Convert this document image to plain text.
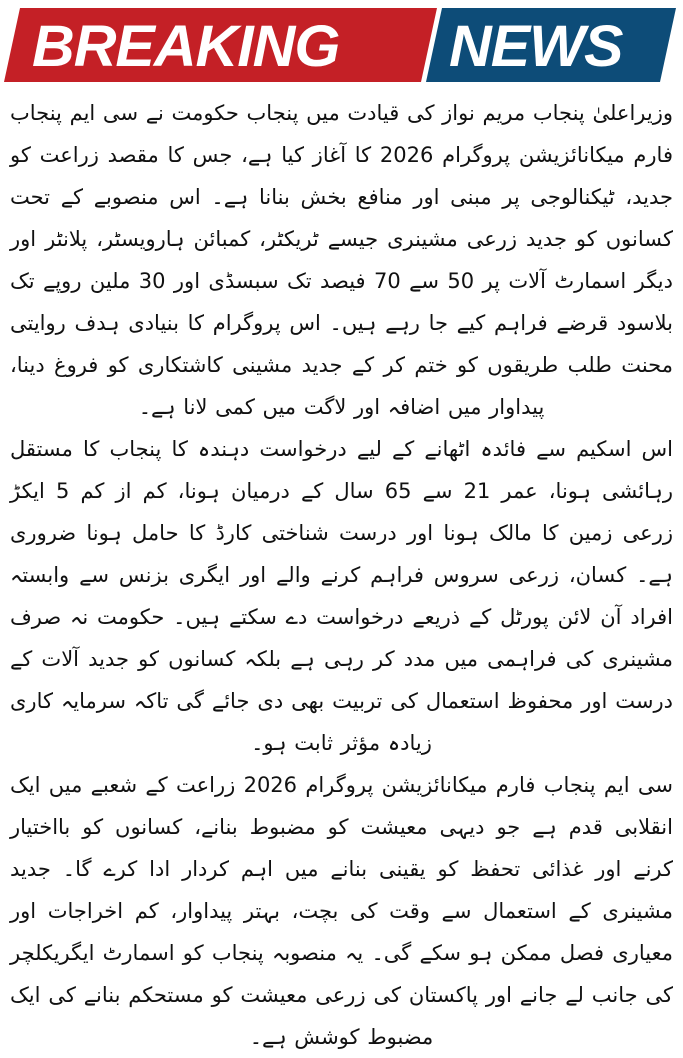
BREAKING NEWS

وزیراعلیٰ پنجاب مریم نواز کی قیادت میں پنجاب حکومت نے سی ایم پنجاب فارم میکانائزیشن پروگرام 2026 کا آغاز کیا ہے، جس کا مقصد زراعت کو جدید، ٹیکنالوجی پر مبنی اور منافع بخش بنانا ہے۔ اس منصوبے کے تحت کسانوں کو جدید زرعی مشینری جیسے ٹریکٹر، کمبائن ہارویسٹر، پلانٹر اور دیگر اسمارٹ آلات پر 50 سے 70 فیصد تک سبسڈی اور 30 ملین روپے تک بلاسود قرضے فراہم کیے جا رہے ہیں۔ اس پروگرام کا بنیادی ہدف روایتی محنت طلب طریقوں کو ختم کر کے جدید مشینی کاشتکاری کو فروغ دینا، پیداوار میں اضافہ اور لاگت میں کمی لانا ہے۔

اس اسکیم سے فائدہ اٹھانے کے لیے درخواست دہندہ کا پنجاب کا مستقل رہائشی ہونا، عمر 21 سے 65 سال کے درمیان ہونا، کم از کم 5 ایکڑ زرعی زمین کا مالک ہونا اور درست شناختی کارڈ کا حامل ہونا ضروری ہے۔ کسان، زرعی سروس فراہم کرنے والے اور ایگری بزنس سے وابستہ افراد آن لائن پورٹل کے ذریعے درخواست دے سکتے ہیں۔ حکومت نہ صرف مشینری کی فراہمی میں مدد کر رہی ہے بلکہ کسانوں کو جدید آلات کے درست اور محفوظ استعمال کی تربیت بھی دی جائے گی تاکہ سرمایہ کاری زیادہ مؤثر ثابت ہو۔

سی ایم پنجاب فارم میکانائزیشن پروگرام 2026 زراعت کے شعبے میں ایک انقلابی قدم ہے جو دیہی معیشت کو مضبوط بنانے، کسانوں کو بااختیار کرنے اور غذائی تحفظ کو یقینی بنانے میں اہم کردار ادا کرے گا۔ جدید مشینری کے استعمال سے وقت کی بچت، بہتر پیداوار، کم اخراجات اور معیاری فصل ممکن ہو سکے گی۔ یہ منصوبہ پنجاب کو اسمارٹ ایگریکلچر کی جانب لے جانے اور پاکستان کی زرعی معیشت کو مستحکم بنانے کی ایک مضبوط کوشش ہے۔
